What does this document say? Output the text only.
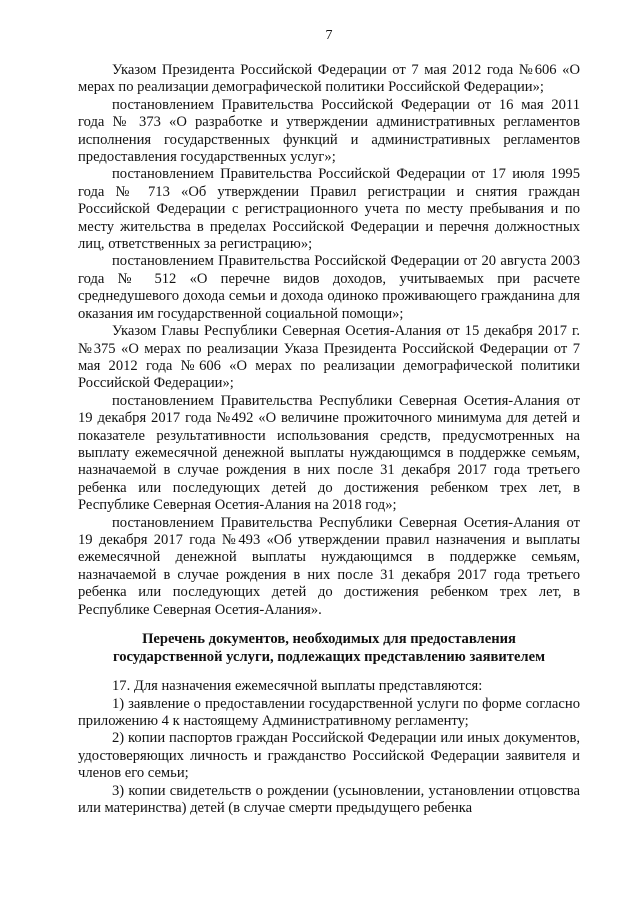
7

Указом Президента Российской Федерации от 7 мая 2012 года №606 «О мерах по реализации демографической политики Российской Федерации»;

постановлением Правительства Российской Федерации от 16 мая 2011 года № 373 «О разработке и утверждении административных регламентов исполнения государственных функций и административных регламентов предоставления государственных услуг»;

постановлением Правительства Российской Федерации от 17 июля 1995 года № 713 «Об утверждении Правил регистрации и снятия граждан Российской Федерации с регистрационного учета по месту пребывания и по месту жительства в пределах Российской Федерации и перечня должностных лиц, ответственных за регистрацию»;

постановлением Правительства Российской Федерации от 20 августа 2003 года № 512 «О перечне видов доходов, учитываемых при расчете среднедушевого дохода семьи и дохода одиноко проживающего гражданина для оказания им государственной социальной помощи»;

Указом Главы Республики Северная Осетия-Алания от 15 декабря 2017 г. №375 «О мерах по реализации Указа Президента Российской Федерации от 7 мая 2012 года №606 «О мерах по реализации демографической политики Российской Федерации»;

постановлением Правительства Республики Северная Осетия-Алания от 19 декабря 2017 года №492 «О величине прожиточного минимума для детей и показателе результативности использования средств, предусмотренных на выплату ежемесячной денежной выплаты нуждающимся в поддержке семьям, назначаемой в случае рождения в них после 31 декабря 2017 года третьего ребенка или последующих детей до достижения ребенком трех лет, в Республике Северная Осетия-Алания на 2018 год»;

постановлением Правительства Республики Северная Осетия-Алания от 19 декабря 2017 года №493 «Об утверждении правил назначения и выплаты ежемесячной денежной выплаты нуждающимся в поддержке семьям, назначаемой в случае рождения в них после 31 декабря 2017 года третьего ребенка или последующих детей до достижения ребенком трех лет, в Республике Северная Осетия-Алания».

Перечень документов, необходимых для предоставления
государственной услуги, подлежащих представлению заявителем

17. Для назначения ежемесячной выплаты представляются:

1) заявление о предоставлении государственной услуги по форме согласно приложению 4 к настоящему Административному регламенту;

2) копии паспортов граждан Российской Федерации или иных документов, удостоверяющих личность и гражданство Российской Федерации заявителя и членов его семьи;

3) копии свидетельств о рождении (усыновлении, установлении отцовства или материнства) детей (в случае смерти предыдущего ребенка
